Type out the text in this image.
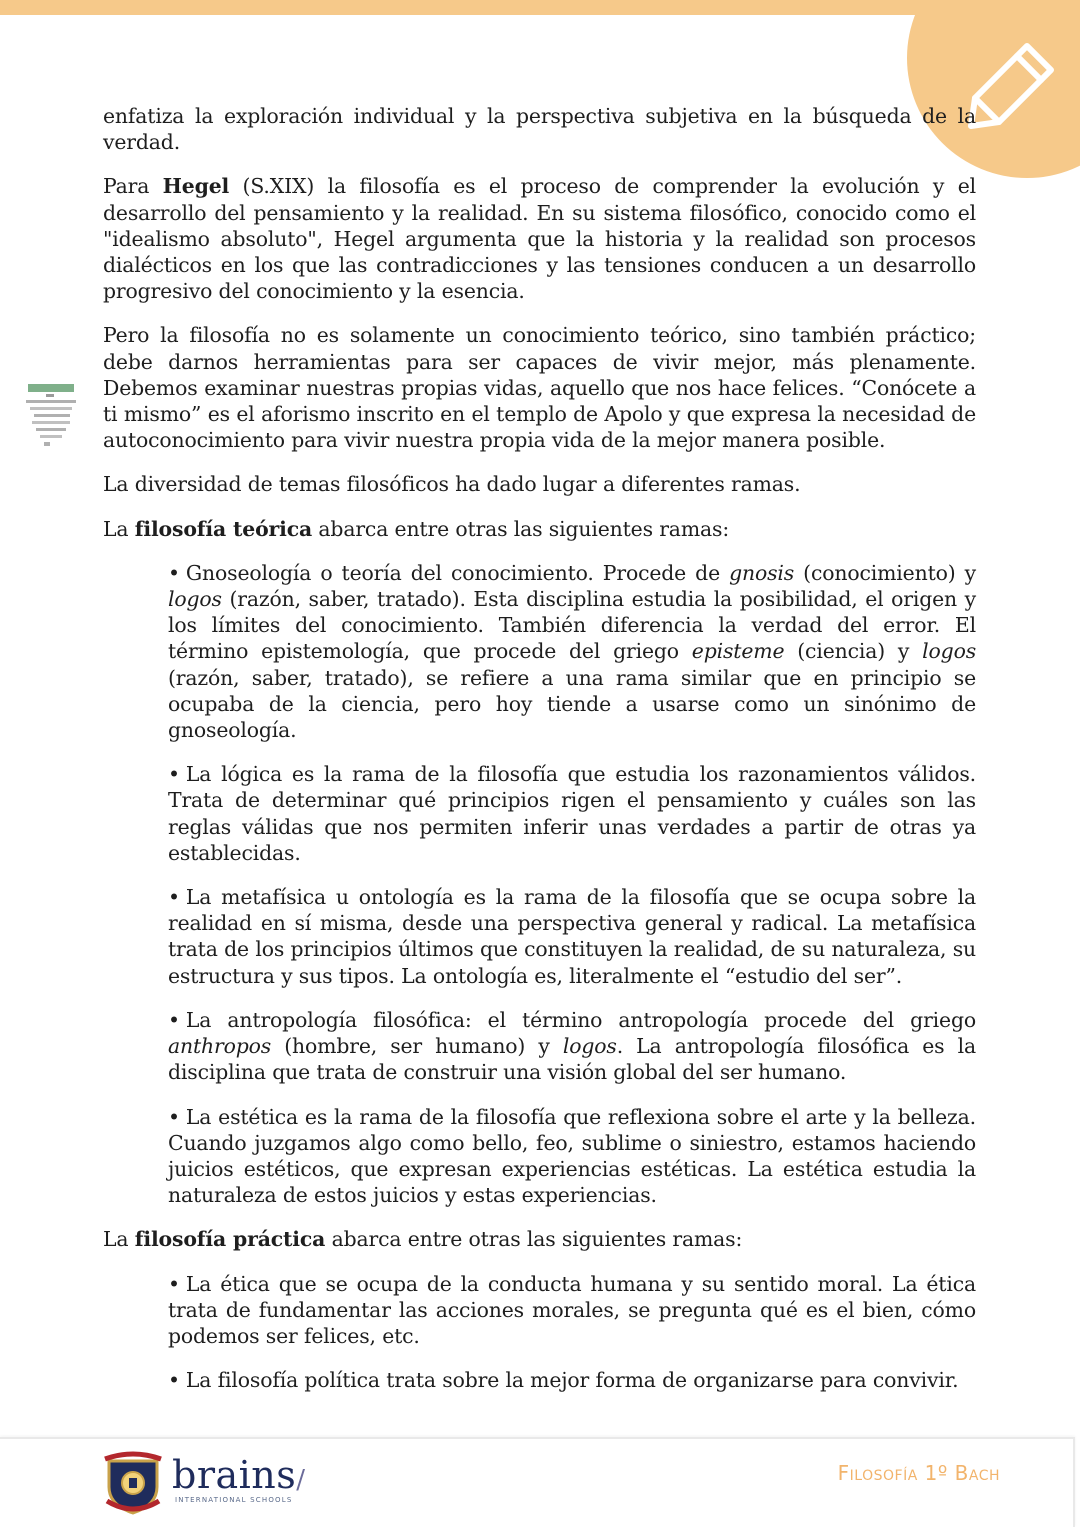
enfatiza la exploración individual y la perspectiva subjetiva en la búsqueda de la verdad.

Para Hegel (S.XIX) la filosofía es el proceso de comprender la evolución y el desarrollo del pensamiento y la realidad. En su sistema filosófico, conocido como el "idealismo absoluto", Hegel argumenta que la historia y la realidad son procesos dialécticos en los que las contradicciones y las tensiones conducen a un desarrollo progresivo del conocimiento y la esencia.

Pero la filosofía no es solamente un conocimiento teórico, sino también práctico; debe darnos herramientas para ser capaces de vivir mejor, más plenamente. Debemos examinar nuestras propias vidas, aquello que nos hace felices. “Conócete a ti mismo” es el aforismo inscrito en el templo de Apolo y que expresa la necesidad de autoconocimiento para vivir nuestra propia vida de la mejor manera posible.

La diversidad de temas filosóficos ha dado lugar a diferentes ramas.

La filosofía teórica abarca entre otras las siguientes ramas:

• Gnoseología o teoría del conocimiento. Procede de gnosis (conocimiento) y logos (razón, saber, tratado). Esta disciplina estudia la posibilidad, el origen y los límites del conocimiento. También diferencia la verdad del error. El término epistemología, que procede del griego episteme (ciencia) y logos (razón, saber, tratado), se refiere a una rama similar que en principio se ocupaba de la ciencia, pero hoy tiende a usarse como un sinónimo de gnoseología.

• La lógica es la rama de la filosofía que estudia los razonamientos válidos. Trata de determinar qué principios rigen el pensamiento y cuáles son las reglas válidas que nos permiten inferir unas verdades a partir de otras ya establecidas.

• La metafísica u ontología es la rama de la filosofía que se ocupa sobre la realidad en sí misma, desde una perspectiva general y radical. La metafísica trata de los principios últimos que constituyen la realidad, de su naturaleza, su estructura y sus tipos. La ontología es, literalmente el “estudio del ser”.

• La antropología filosófica: el término antropología procede del griego anthropos (hombre, ser humano) y logos. La antropología filosófica es la disciplina que trata de construir una visión global del ser humano.

• La estética es la rama de la filosofía que reflexiona sobre el arte y la belleza. Cuando juzgamos algo como bello, feo, sublime o siniestro, estamos haciendo juicios estéticos, que expresan experiencias estéticas. La estética estudia la naturaleza de estos juicios y estas experiencias.

La filosofía práctica abarca entre otras las siguientes ramas:

• La ética que se ocupa de la conducta humana y su sentido moral. La ética trata de fundamentar las acciones morales, se pregunta qué es el bien, cómo podemos ser felices, etc.

• La filosofía política trata sobre la mejor forma de organizarse para convivir.

brains/
INTERNATIONAL SCHOOLS
Filosofía 1º Bach
